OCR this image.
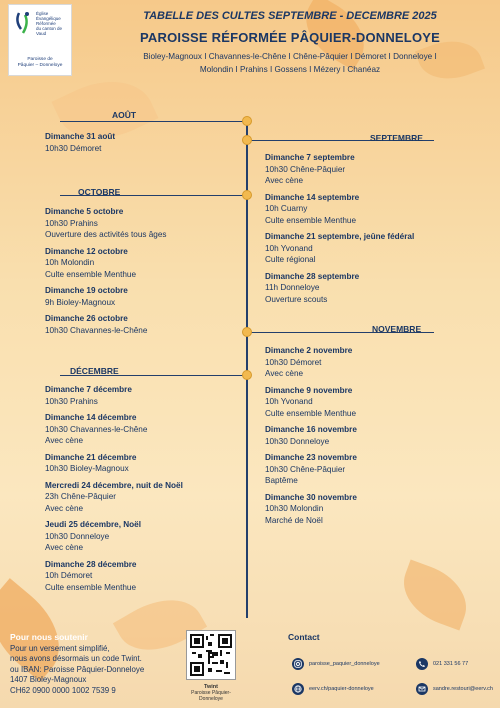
Église
Évangélique
Réformée
du canton de
Vaud
Paroisse de
Pâquier – Donneloye
TABELLE DES CULTES SEPTEMBRE - DECEMBRE 2025
PAROISSE RÉFORMÉE PÂQUIER-DONNELOYE
Bioley-Magnoux I Chavannes-le-Chêne I Chêne-Pâquier I Démoret I Donneloye I
Molondin I Prahins I Gossens I Mézery I Chanéaz
AOÛT
Dimanche 31 août
10h30 Démoret
SEPTEMBRE
Dimanche 7 septembre
10h30 Chêne-Pâquier
Avec cène
Dimanche 14 septembre
10h Cuarny
Culte ensemble Menthue
Dimanche 21 septembre, jeûne fédéral
10h Yvonand
Culte régional
Dimanche 28 septembre
11h Donneloye
Ouverture scouts
OCTOBRE
Dimanche 5 octobre
10h30 Prahins
Ouverture des activités tous âges
Dimanche 12 octobre
10h Molondin
Culte ensemble Menthue
Dimanche 19 octobre
9h Bioley-Magnoux
Dimanche 26 octobre
10h30 Chavannes-le-Chêne	NOVEMBRE
Dimanche 2 novembre
10h30 Démoret
Avec cène
Dimanche 9 novembre
10h Yvonand
Culte ensemble Menthue
Dimanche 16 novembre
10h30 Donneloye
Dimanche 23 novembre
10h30 Chêne-Pâquier
Baptême
Dimanche 30 novembre
10h30 Molondin
Marché de Noël
DÉCEMBRE
Dimanche 7 décembre
10h30 Prahins
Dimanche 14 décembre
10h30 Chavannes-le-Chêne
Avec cène
Dimanche 21 décembre
10h30 Bioley-Magnoux
Mercredi 24 décembre, nuit de Noël
23h Chêne-Pâquier
Avec cène
Jeudi 25 décembre, Noël
10h30 Donneloye
Avec cène
Dimanche 28 décembre
10h Démoret
Culte ensemble Menthue
Pour nous soutenir
Pour un versement simplifié,
nous avons désormais un code Twint.
ou IBAN: Paroisse Pâquier-Donneloye
1407 Bioley-Magnoux
CH62 0900 0000 1002 7539 9	Twint
Paroisse Pâquier-Donneloye
Contact
paroisse_paquier_donneloye
eerv.ch/paquier-donneloye
021 331 56 77
sandre.restouri@eerv.ch
